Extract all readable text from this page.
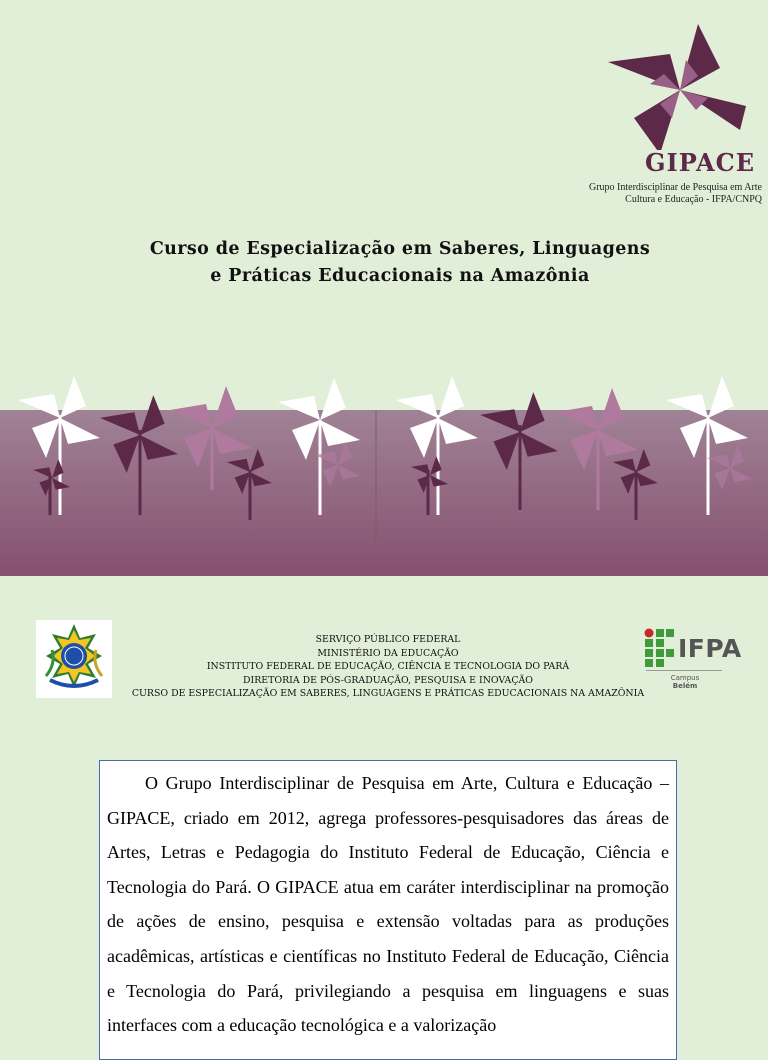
GIPACE
Grupo Interdisciplinar de Pesquisa em Arte
Cultura e Educação - IFPA/CNPQ
Curso de Especialização em Saberes, Linguagens
e Práticas Educacionais na Amazônia
SERVIÇO PÚBLICO FEDERAL
MINISTÉRIO DA EDUCAÇÃO
INSTITUTO FEDERAL DE EDUCAÇÃO, CIÊNCIA E TECNOLOGIA DO PARÁ
DIRETORIA DE PÓS-GRADUAÇÃO, PESQUISA E INOVAÇÃO
CURSO DE ESPECIALIZAÇÃO EM SABERES, LINGUAGENS E PRÁTICAS EDUCACIONAIS NA AMAZÔNIA
IFPA
Campus
Belém

O Grupo Interdisciplinar de Pesquisa em Arte, Cultura e Educação – GIPACE, criado em 2012, agrega professores-pesquisadores das áreas de Artes, Letras e Pedagogia do Instituto Federal de Educação, Ciência e Tecnologia do Pará. O GIPACE atua em caráter interdisciplinar na promoção de ações de ensino, pesquisa e extensão voltadas para as produções acadêmicas, artísticas e científicas no Instituto Federal de Educação, Ciência e Tecnologia do Pará, privilegiando a pesquisa em linguagens e suas interfaces com a educação tecnológica e a valorização
